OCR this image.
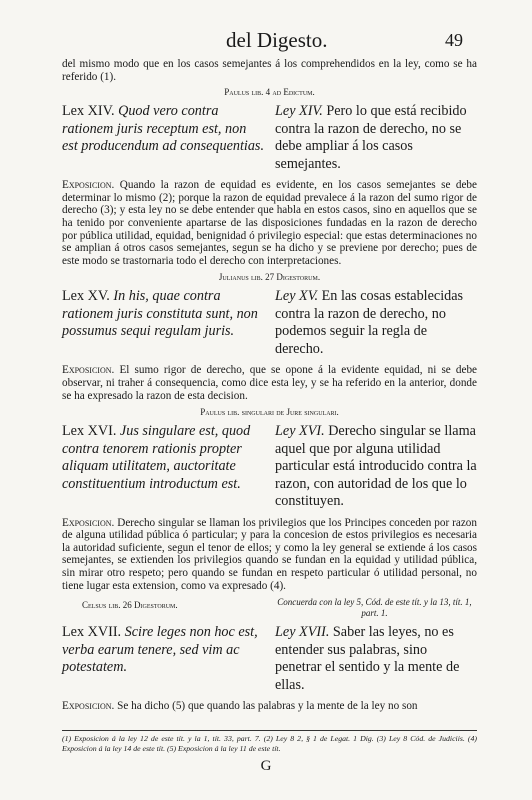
del Digesto.	49

del mismo modo que en los casos semejantes á los comprehendidos en la ley, como se ha referido (1).

Paulus lib. 4 ad Edictum.

Lex XIV. Quod vero contra rationem juris receptum est, non est producendum ad consequentias.

Ley XIV. Pero lo que está recibido contra la razon de derecho, no se debe ampliar á los casos semejantes.

Exposicion. Quando la razon de equidad es evidente, en los casos semejantes se debe determinar lo mismo (2); porque la razon de equidad prevalece á la razon del sumo rigor de derecho (3); y esta ley no se debe entender que habla en estos casos, sino en aquellos que se ha tenido por conveniente apartarse de las disposiciones fundadas en la razon de derecho por pública utilidad, equidad, benignidad ó privilegio especial: que estas determinaciones no se amplian á otros casos semejantes, segun se ha dicho y se previene por derecho; pues de este modo se trastornaria todo el derecho con interpretaciones.

Julianus lib. 27 Digestorum.

Lex XV. In his, quae contra rationem juris constituta sunt, non possumus sequi regulam juris.

Ley XV. En las cosas establecidas contra la razon de derecho, no podemos seguir la regla de derecho.

Exposicion. El sumo rigor de derecho, que se opone á la evidente equidad, ni se debe observar, ni traher á consequencia, como dice esta ley, y se ha referido en la anterior, donde se ha expresado la razon de esta decision.

Paulus lib. singulari de Jure singulari.

Lex XVI. Jus singulare est, quod contra tenorem rationis propter aliquam utilitatem, auctoritate constituentium introductum est.

Ley XVI. Derecho singular se llama aquel que por alguna utilidad particular está introducido contra la razon, con autoridad de los que lo constituyen.

Exposicion. Derecho singular se llaman los privilegios que los Principes conceden por razon de alguna utilidad pública ó particular; y para la concesion de estos privilegios es necesaria la autoridad suficiente, segun el tenor de ellos; y como la ley general se extiende á los casos semejantes, se extienden los privilegios quando se fundan en la equidad y utilidad pública, sin mirar otro respeto; pero quando se fundan en respeto particular ó utilidad personal, no tiene lugar esta extension, como va expresado (4).

Celsus lib. 26 Digestorum.	Concuerda con la ley 5, Cód. de este tít. y la 13, tít. 1, part. 1.

Lex XVII. Scire leges non hoc est, verba earum tenere, sed vim ac potestatem.

Ley XVII. Saber las leyes, no es entender sus palabras, sino penetrar el sentido y la mente de ellas.

Exposicion. Se ha dicho (5) que quando las palabras y la mente de la ley no son

(1) Exposicion á la ley 12 de este tít. y la 1, tít. 33, part. 7. (2) Ley 8 2, § 1 de Legat. 1 Dig. (3) Ley 8 Cód. de Judiciis. (4) Exposicion á la ley 14 de este tít. (5) Exposicion á la ley 11 de este tít.

G
